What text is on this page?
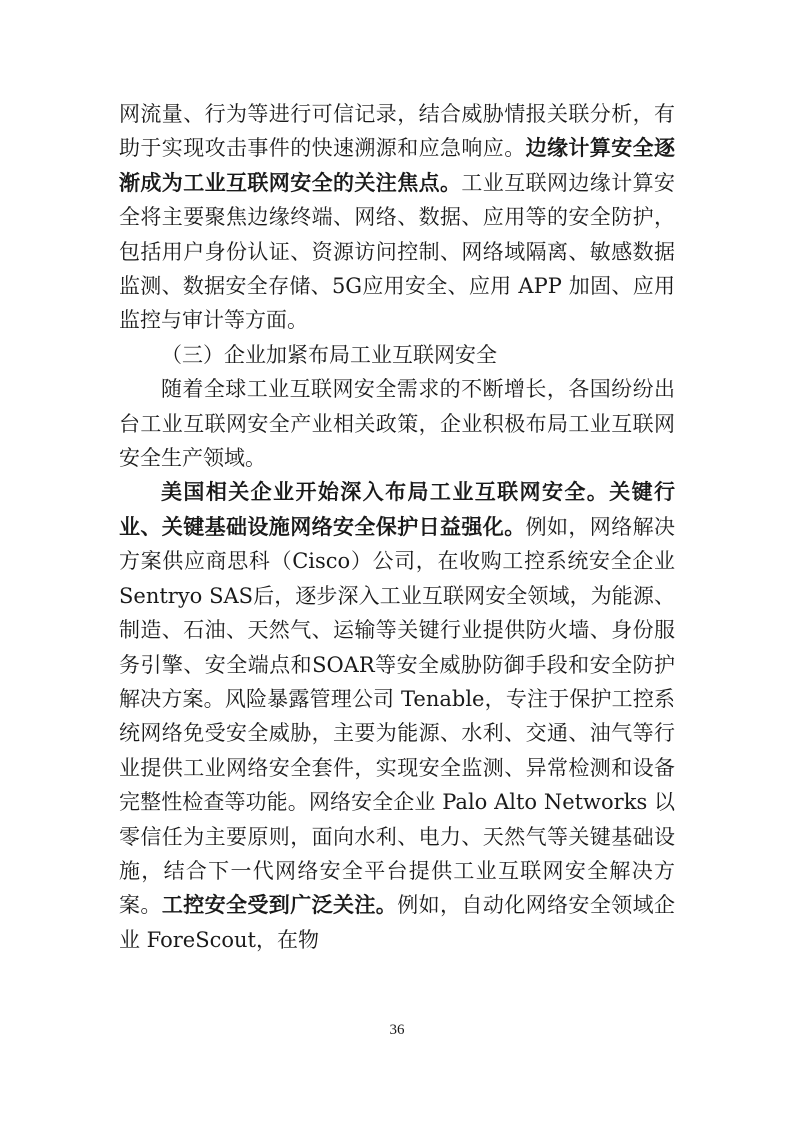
网流量、行为等进行可信记录，结合威胁情报关联分析，有助于实现攻击事件的快速溯源和应急响应。边缘计算安全逐渐成为工业互联网安全的关注焦点。工业互联网边缘计算安全将主要聚焦边缘终端、网络、数据、应用等的安全防护，包括用户身份认证、资源访问控制、网络域隔离、敏感数据监测、数据安全存储、5G应用安全、应用 APP 加固、应用监控与审计等方面。

（三）企业加紧布局工业互联网安全

随着全球工业互联网安全需求的不断增长，各国纷纷出台工业互联网安全产业相关政策，企业积极布局工业互联网安全生产领域。

美国相关企业开始深入布局工业互联网安全。关键行业、关键基础设施网络安全保护日益强化。例如，网络解决方案供应商思科（Cisco）公司，在收购工控系统安全企业 Sentryo SAS后，逐步深入工业互联网安全领域，为能源、制造、石油、天然气、运输等关键行业提供防火墙、身份服务引擎、安全端点和SOAR等安全威胁防御手段和安全防护解决方案。风险暴露管理公司 Tenable，专注于保护工控系统网络免受安全威胁，主要为能源、水利、交通、油气等行业提供工业网络安全套件，实现安全监测、异常检测和设备完整性检查等功能。网络安全企业 Palo Alto Networks 以零信任为主要原则，面向水利、电力、天然气等关键基础设施，结合下一代网络安全平台提供工业互联网安全解决方案。工控安全受到广泛关注。例如，自动化网络安全领域企业 ForeScout，在物

36
